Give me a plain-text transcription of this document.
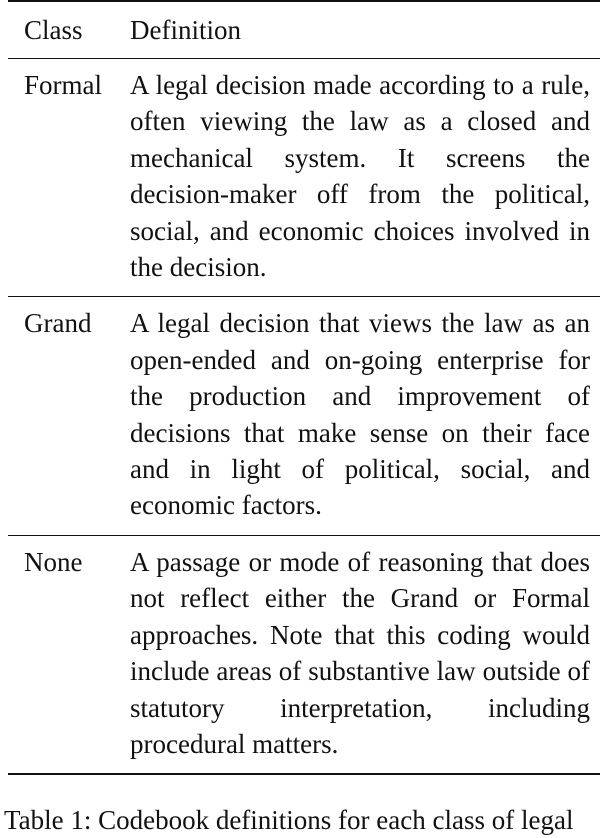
Class	Definition
Formal	A legal decision made according to a rule, often viewing the law as a closed and mechanical system. It screens the decision-maker off from the political, social, and economic choices involved in the decision.
Grand	A legal decision that views the law as an open-ended and on-going enterprise for the production and improvement of decisions that make sense on their face and in light of political, social, and economic factors.
None	A passage or mode of reasoning that does not reflect either the Grand or Formal approaches. Note that this coding would include areas of substantive law outside of statutory interpretation, including procedural matters.
Table 1: Codebook definitions for each class of legal
